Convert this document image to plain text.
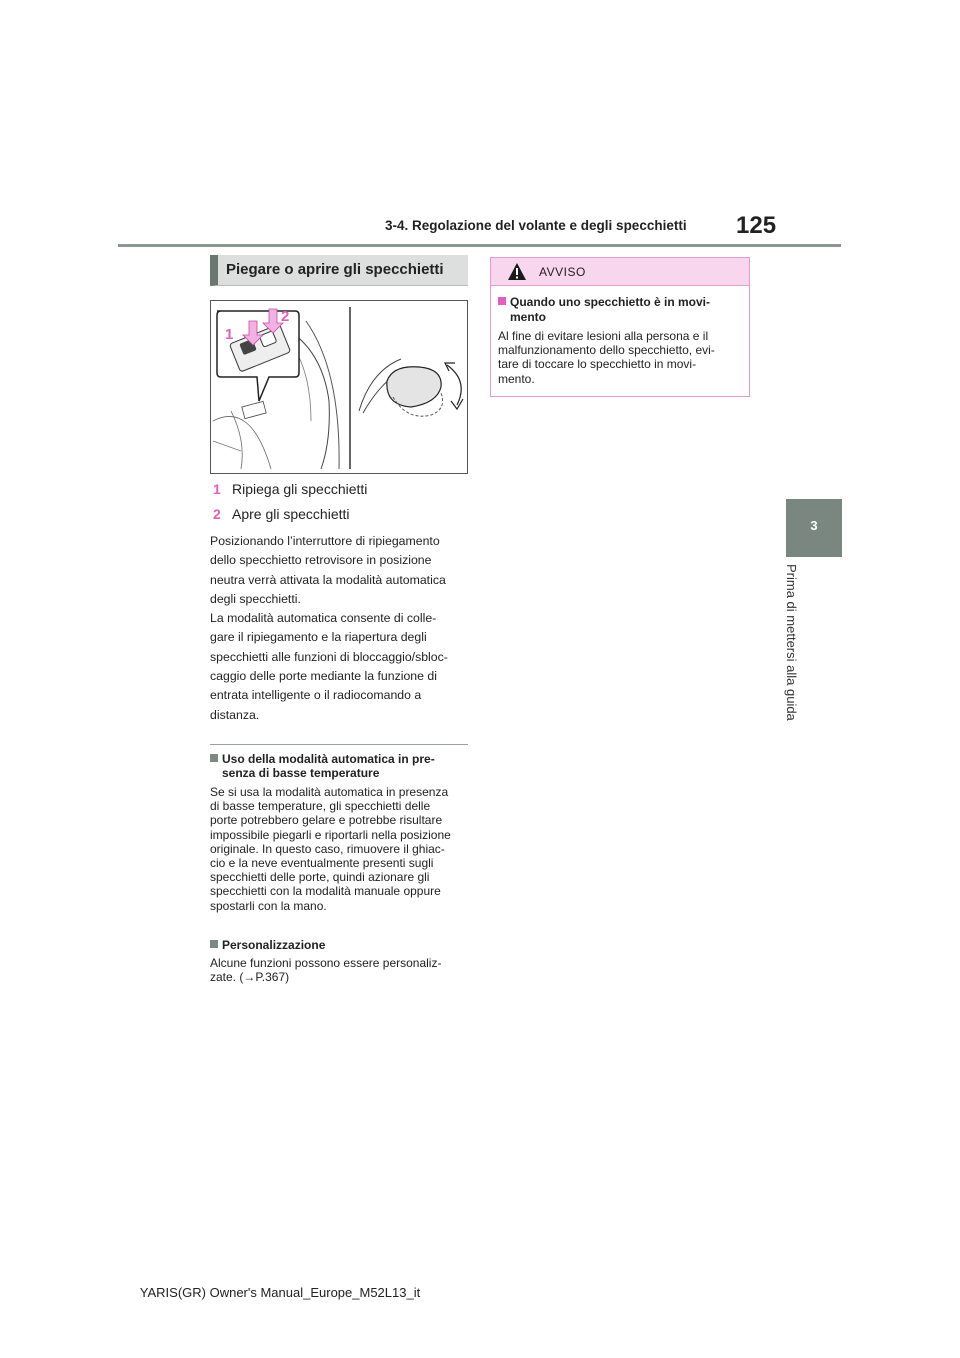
3-4. Regolazione del volante e degli specchietti 125
3
Prima di mettersi alla guida
Piegare o aprire gli specchietti
1
2
1 Ripiega gli specchietti
2 Apre gli specchietti
Posizionando l’interruttore di ripiegamento
dello specchietto retrovisore in posizione
neutra verrà attivata la modalità automatica
degli specchietti.
La modalità automatica consente di colle-
gare il ripiegamento e la riapertura degli
specchietti alle funzioni di bloccaggio/sbloc-
caggio delle porte mediante la funzione di
entrata intelligente o il radiocomando a
distanza.
Uso della modalità automatica in pre-
senza di basse temperature
Se si usa la modalità automatica in presenza
di basse temperature, gli specchietti delle
porte potrebbero gelare e potrebbe risultare
impossibile piegarli e riportarli nella posizione
originale. In questo caso, rimuovere il ghiac-
cio e la neve eventualmente presenti sugli
specchietti delle porte, quindi azionare gli
specchietti con la modalità manuale oppure
spostarli con la mano.
Personalizzazione
Alcune funzioni possono essere personaliz-
zate. (→P.367)
AVVISO
Quando uno specchietto è in movi-
mento
Al fine di evitare lesioni alla persona e il
malfunzionamento dello specchietto, evi-
tare di toccare lo specchietto in movi-
mento.
YARIS(GR) Owner's Manual_Europe_M52L13_it
